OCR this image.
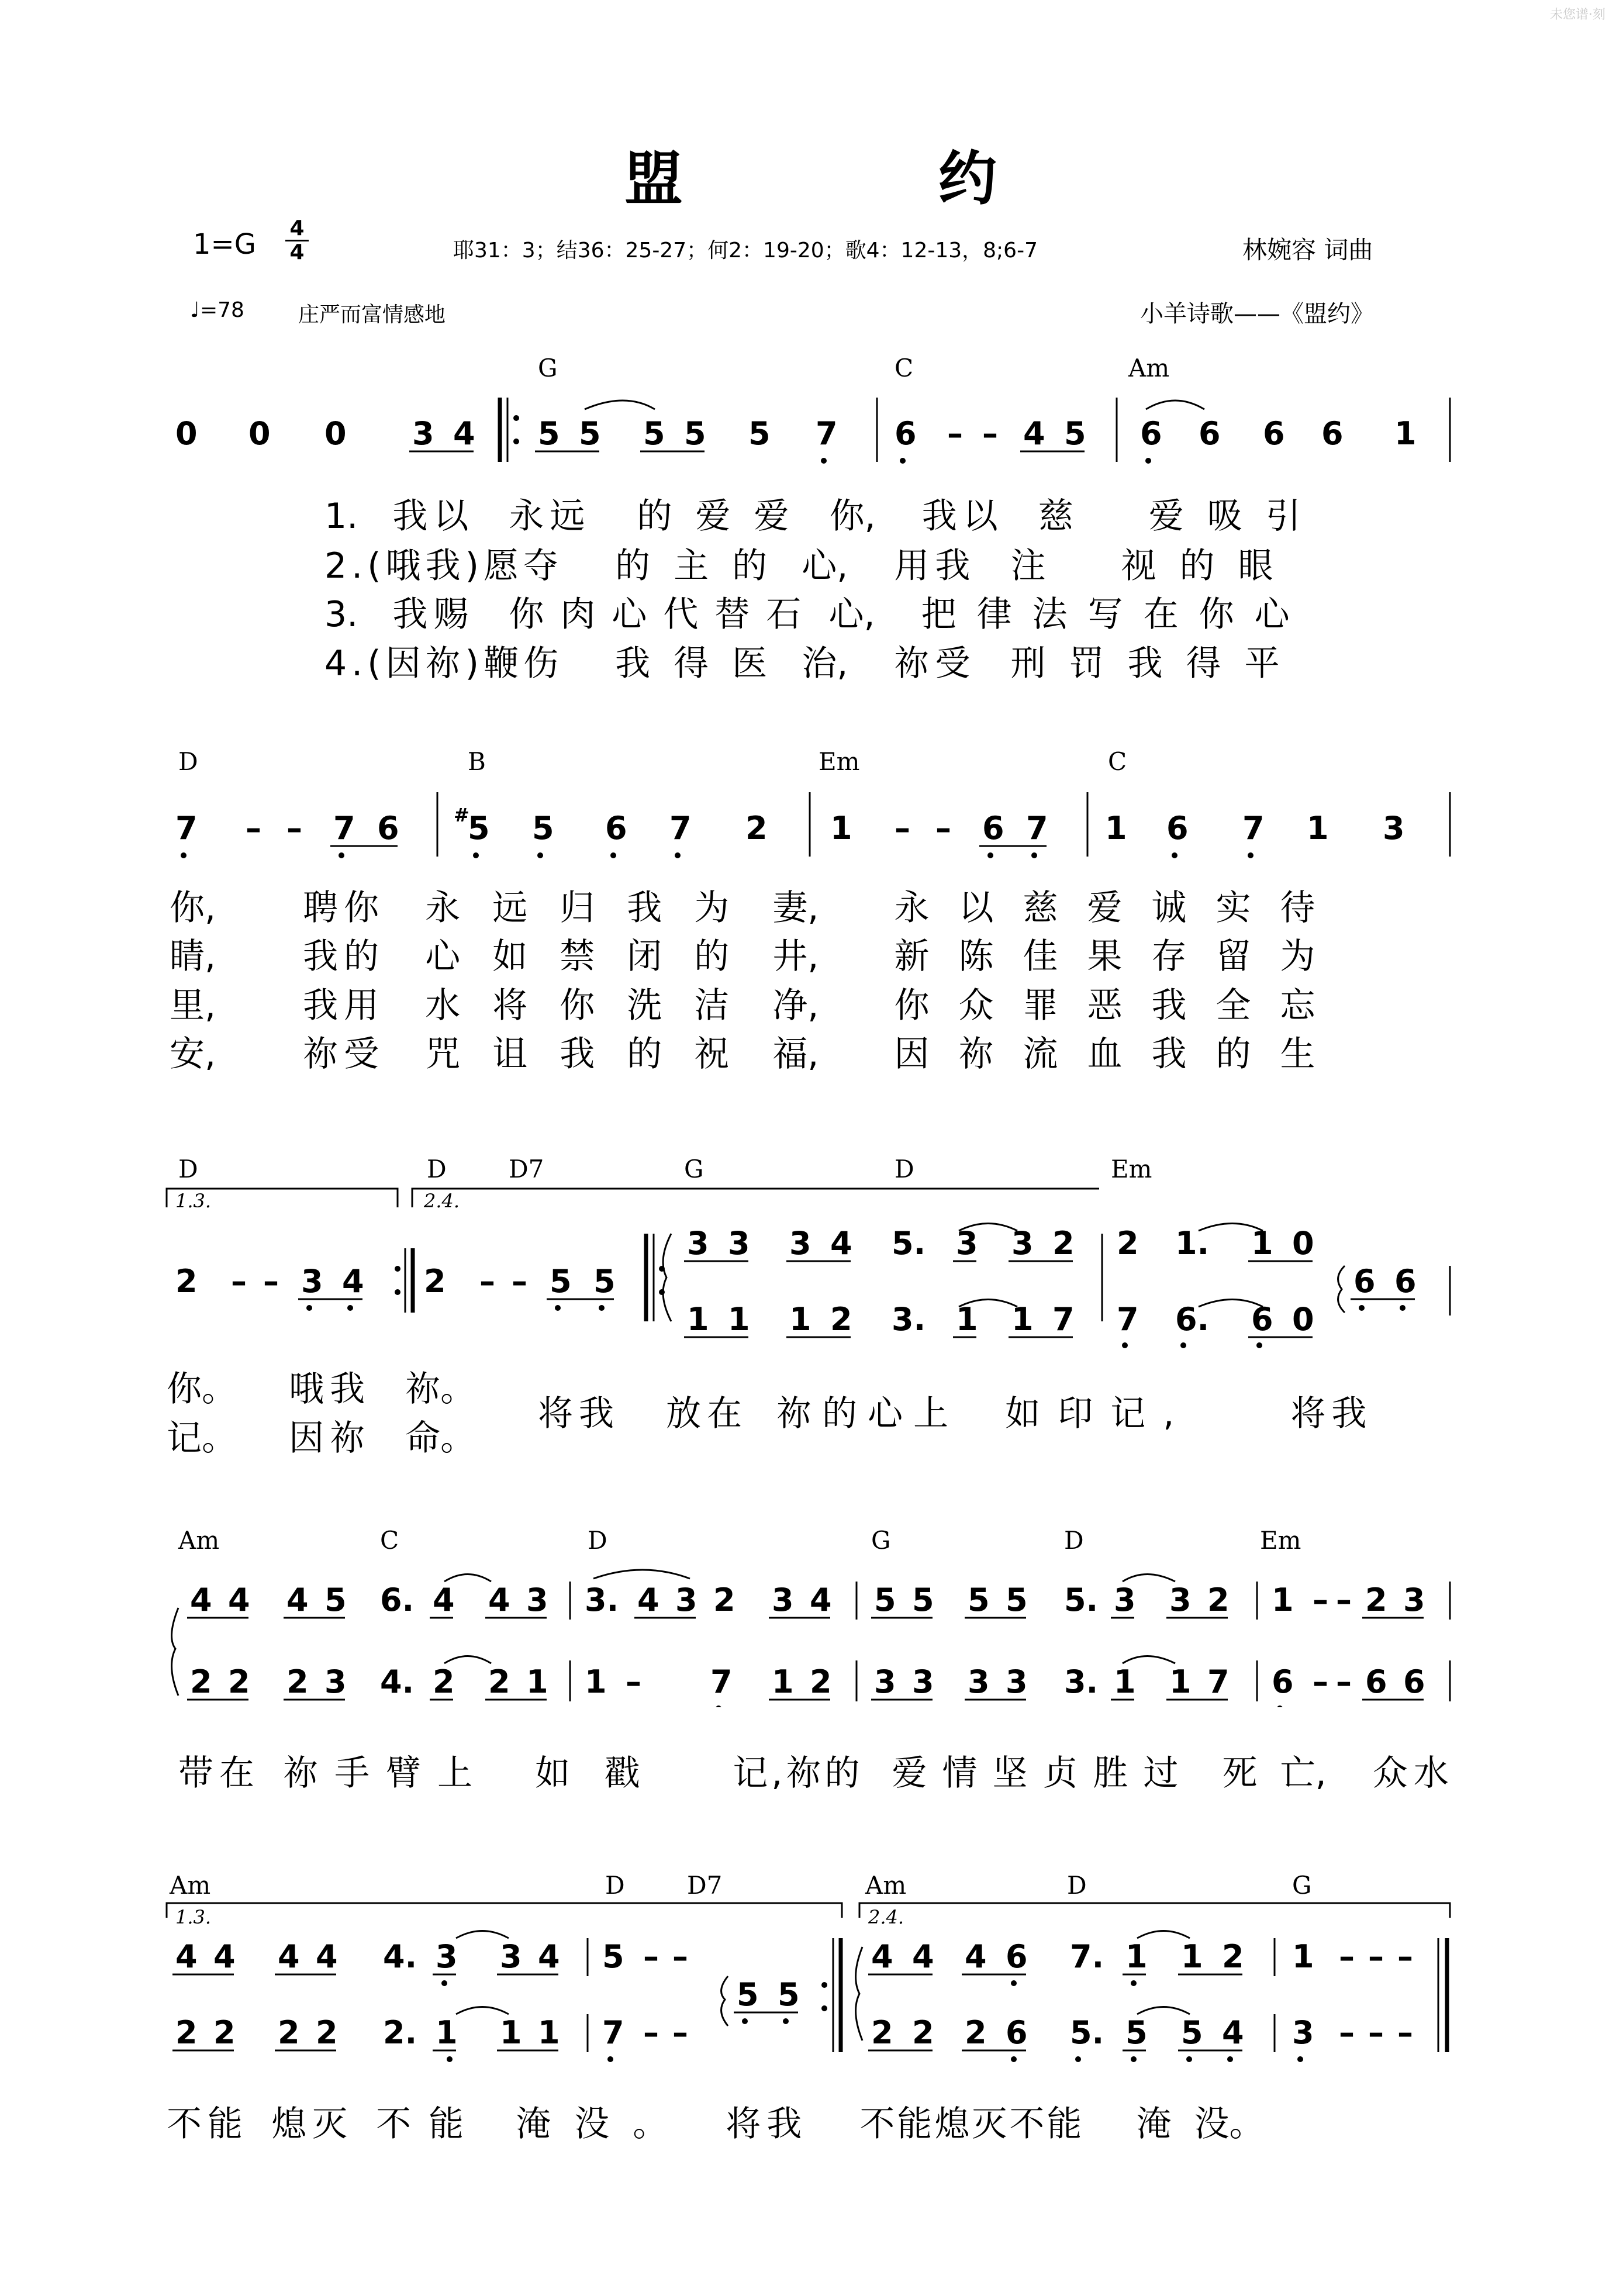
未您谱·刻
盟	约
1=G 4
4	耶31：3；结36：25-27；何2：19-20；歌4：12-13，8;6-7	林婉容 词曲
♩=78	庄严而富情感地	小羊诗歌——《盟约》
G	C	Am
0 0 0 3 4 5 5 5 5 5 7 6 – – 4 5 6 6 6 6 1
1. 我以 永远 的爱爱 你, 我以 慈 爱吸引
2.(哦我)愿夺 的主的 心, 用我 注 视的眼
3. 我赐 你肉心代替石 心, 把律法写在你心
4.(因祢)鞭伤 我得医 治, 祢受 刑罚我得平
D	B	Em	C
7 – – 7 6 5
# 5 6 7 2 1 – – 6 7 1 6 7 1 3
你, 聘你 永远归我为 妻, 永以慈爱诚实待
睛, 我的 心如禁闭的 井, 新陈佳果存留为
里, 我用 水将你洗洁 净, 你众罪恶我全忘
安, 祢受 咒诅我的祝 福, 因祢流血我的生
D	D	D7	G	D	Em
1.3.	2.4.
2 – – 3 4 2 – – 5 5
3 3 3 4 5. 3 3 2 2 1. 1 0
6 6
1 1 1 2 3. 1 1 7 7 6. 6 0
你。 哦我 祢。
记。 因祢 命。
将我 放在 祢的心上 如印记,	将我
Am	C	D	G	D	Em
4 4 4 5 6. 4 4 3 3. 4 3 2 3 4 5 5 5 5 5. 3 3 2 1 – – 2 3
2 2 2 3 4. 2 2 1 1 – 7 1 2 3 3 3 3 3. 1 1 7 6 – – 6 6
带在 祢手臂上 如 戳	记,祢的 爱情坚贞胜过 死 亡, 众水
Am	D	D7	Am	D	G
1.3.	2.4.
4 4 4 4 4. 3 3 4 5 – –
5 5
4 4 4 6 7. 1 1 2 1 – – –
2 2 2 2 2. 1 1 1 7 – –	2 2 2 6 5. 5 5 4 3 – – –
不能 熄灭 不能 淹没。 将我 不能熄灭不能 淹 没。
